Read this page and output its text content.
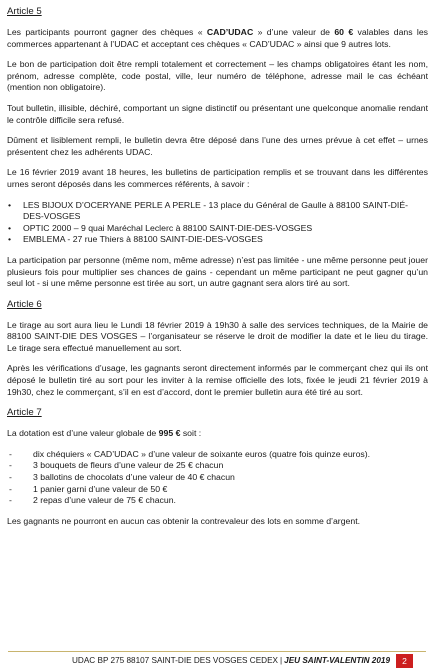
Article 5

Les participants pourront gagner des chèques « CAD’UDAC » d’une valeur de 60 € valables dans les commerces appartenant à l’UDAC et acceptant ces chèques « CAD’UDAC » ainsi que 9 autres lots.

Le bon de participation doit être rempli totalement et correctement – les champs obligatoires étant les nom, prénom, adresse complète, code postal, ville, leur numéro de téléphone, adresse mail le cas échéant (mention non obligatoire).

Tout bulletin, illisible, déchiré, comportant un signe distinctif ou présentant une quelconque anomalie rendant le contrôle difficile sera refusé.

Dûment et lisiblement rempli, le bulletin devra être déposé dans l’une des urnes prévue à cet effet – urnes présentent chez les adhérents UDAC.

Le 16 février 2019 avant 18 heures, les bulletins de participation remplis et se trouvant dans les différentes urnes seront déposés dans les commerces référents, à savoir :

• LES BIJOUX D’OCERYANE PERLE A PERLE - 13 place du Général de Gaulle à 88100 SAINT-DIÉ-DES-VOSGES
• OPTIC 2000 – 9 quai Maréchal Leclerc à 88100 SAINT-DIE-DES-VOSGES
• EMBLEMA - 27 rue Thiers à 88100 SAINT-DIE-DES-VOSGES

La participation par personne (même nom, même adresse) n’est pas limitée - une même personne peut jouer plusieurs fois pour multiplier ses chances de gains - cependant un même participant ne peut gagner qu’un seul lot - si une même personne est tirée au sort, un autre gagnant sera alors tiré au sort.

Article 6

Le tirage au sort aura lieu le Lundi 18 février 2019 à 19h30 à salle des services techniques, de la Mairie de 88100 SAINT-DIE DES VOSGES – l’organisateur se réserve le droit de modifier la date et le lieu du tirage. Le tirage sera effectué manuellement au sort.

Après les vérifications d’usage, les gagnants seront directement informés par le commerçant chez qui ils ont déposé le bulletin tiré au sort pour les inviter à la remise officielle des lots, fixée le jeudi 21 février 2019 à 19h30, chez le commerçant, s’il en est d’accord, dont le premier bulletin aura été tiré au sort.

Article 7

La dotation est d’une valeur globale de 995 € soit :

- dix chéquiers « CAD’UDAC » d’une valeur de soixante euros (quatre fois quinze euros).
- 3 bouquets de fleurs d’une valeur de 25 € chacun
- 3 ballotins de chocolats d’une valeur de 40 € chacun
- 1 panier garni d’une valeur de 50 €
- 2 repas d’une valeur de 75 € chacun.

Les gagnants ne pourront en aucun cas obtenir la contrevaleur des lots en somme d’argent.

UDAC BP 275 88107 SAINT-DIE DES VOSGES CEDEX | JEU SAINT-VALENTIN 2019	2
